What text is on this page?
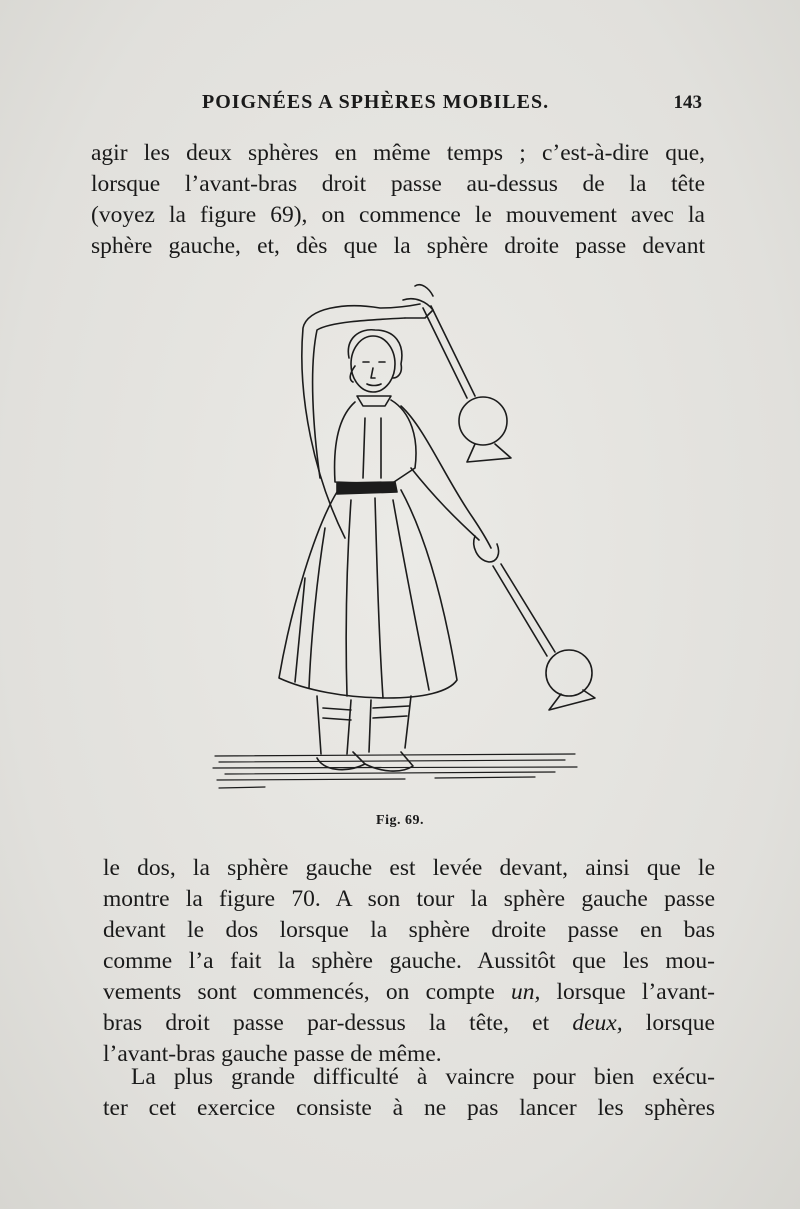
POIGNÉES A SPHÈRES MOBILES.	143
agir les deux sphères en même temps ; c’est-à-dire que,
lorsque l’avant-bras droit passe au-dessus de la tête
(voyez la figure 69), on commence le mouvement avec la
sphère gauche, et, dès que la sphère droite passe devant
Fig. 69.
le dos, la sphère gauche est levée devant, ainsi que le
montre la figure 70. A son tour la sphère gauche passe
devant le dos lorsque la sphère droite passe en bas
comme l’a fait la sphère gauche. Aussitôt que les mou-
vements sont commencés, on compte un, lorsque l’avant-
bras droit passe par-dessus la tête, et deux, lorsque
l’avant-bras gauche passe de même.
La plus grande difficulté à vaincre pour bien exécu-
ter cet exercice consiste à ne pas lancer les sphères
